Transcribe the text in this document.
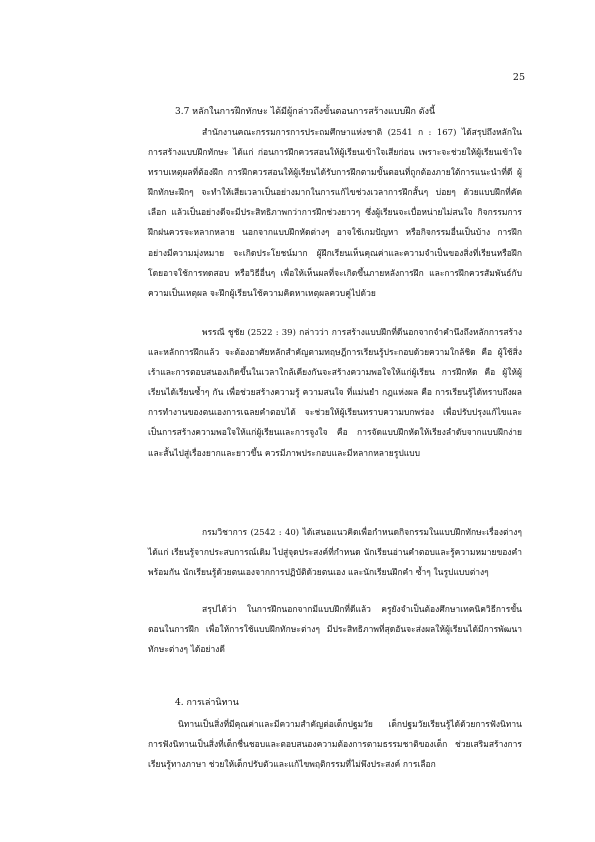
25
3.7 หลักในการฝึกทักษะ ได้มีผู้กล่าวถึงขั้นตอนการสร้างแบบฝึก ดังนี้

สำนักงานคณะกรรมการการประถมศึกษาแห่งชาติ (2541 ก : 167) ได้สรุปถึงหลักในการสร้างแบบฝึกทักษะ ได้แก่ ก่อนการฝึกควรสอนให้ผู้เรียนเข้าใจเสียก่อน เพราะจะช่วยให้ผู้เรียนเข้าใจ ทราบเหตุผลที่ต้องฝึก การฝึกควรสอนให้ผู้เรียนได้รับการฝึกตามขั้นตอนที่ถูกต้องภายใต้การแนะนำที่ดี ผู้ฝึกทักษะฝึกๆ จะทำให้เสียเวลาเป็นอย่างมากในการแก้ไขช่วงเวลาการฝึกสั้นๆ บ่อยๆ ด้วยแบบฝึกที่คัดเลือก แล้วเป็นอย่างดีจะมีประสิทธิภาพกว่าการฝึกช่วงยาวๆ ซึ่งผู้เรียนจะเบื่อหน่ายไม่สนใจ กิจกรรมการฝึกฝนควรจะหลากหลาย นอกจากแบบฝึกหัดต่างๆ อาจใช้เกมปัญหา หรือกิจกรรมอื่นเป็นบ้าง การฝึกอย่างมีความมุ่งหมาย จะเกิดประโยชน์มาก ผู้ฝึกเรียนเห็นคุณค่าและความจำเป็นของสิ่งที่เรียนหรือฝึก โดยอาจใช้การทดสอบ หรือวิธีอื่นๆ เพื่อให้เห็นผลที่จะเกิดขึ้นภายหลังการฝึก และการฝึกควรสัมพันธ์กับความเป็นเหตุผล จะฝึกผู้เรียนใช้ความคิดหาเหตุผลควบคู่ไปด้วย

พรรณี ชูชัย (2522 : 39) กล่าวว่า การสร้างแบบฝึกที่ดีนอกจากจำคำนึงถึงหลักการสร้าง และหลักการฝึกแล้ว จะต้องอาศัยหลักสำคัญตามทฤษฎีการเรียนรู้ประกอบด้วยความใกล้ชิด คือ ผู้ใช้สิ่งเร้าและการตอบสนองเกิดขึ้นในเวลาใกล้เคียงกันจะสร้างความพอใจให้แก่ผู้เรียน การฝึกหัด คือ ผู้ให้ผู้เรียนได้เรียนซ้ำๆ กัน เพื่อช่วยสร้างความรู้ ความสนใจ ที่แม่นยำ กฎแห่งผล คือ การเรียนรู้ได้ทราบถึงผลการทำงานของตนเองการเฉลยคำตอบได้ จะช่วยให้ผู้เรียนทราบความบกพร่อง เพื่อปรับปรุงแก้ไขและเป็นการสร้างความพอใจให้แก่ผู้เรียนและการจูงใจ คือ การจัดแบบฝึกหัดให้เรียงลำดับจากแบบฝึกง่าย และสั้นไปสู่เรื่องยากและยาวขึ้น ควรมีภาพประกอบและมีหลากหลายรูปแบบ

กรมวิชาการ (2542 : 40) ได้เสนอแนวคิดเพื่อกำหนดกิจกรรมในแบบฝึกทักษะเรื่องต่างๆ ได้แก่ เรียนรู้จากประสบการณ์เดิม ไปสู่จุดประสงค์ที่กำหนด นักเรียนอ่านคำตอบและรู้ความหมายของคำพร้อมกัน นักเรียนรู้ด้วยตนเองจากการปฏิบัติด้วยตนเอง และนักเรียนฝึกคำ ซ้ำๆ ในรูปแบบต่างๆ

สรุปได้ว่า ในการฝึกนอกจากมีแบบฝึกที่ดีแล้ว ครูยังจำเป็นต้องศึกษาเทคนิควิธีการขั้นตอนในการฝึก เพื่อให้การใช้แบบฝึกทักษะต่างๆ มีประสิทธิภาพที่สุดอันจะส่งผลให้ผู้เรียนได้มีการพัฒนาทักษะต่างๆ ได้อย่างดี

4. การเล่านิทาน

นิทานเป็นสิ่งที่มีคุณค่าและมีความสำคัญต่อเด็กปฐมวัย เด็กปฐมวัยเรียนรู้ได้ด้วยการฟังนิทาน การฟังนิทานเป็นสิ่งที่เด็กชื่นชอบและตอบสนองความต้องการตามธรรมชาติของเด็ก ช่วยเสริมสร้างการเรียนรู้ทางภาษา ช่วยให้เด็กปรับตัวและแก้ไขพฤติกรรมที่ไม่พึงประสงค์ การเลือก
